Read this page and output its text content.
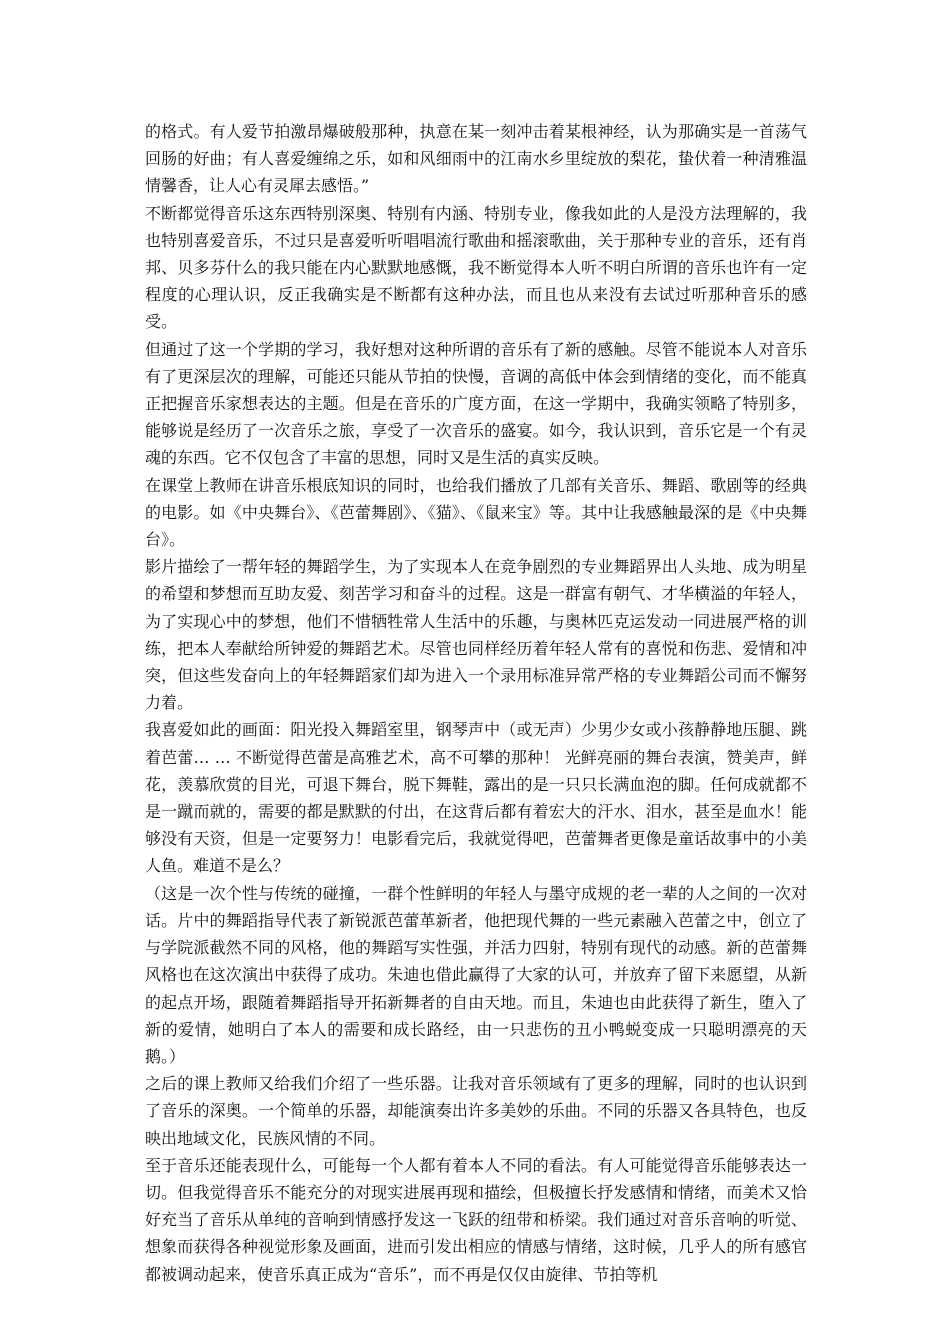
的格式。有人爱节拍激昂爆破般那种，执意在某一刻冲击着某根神经，认为那确实是一首荡气回肠的好曲；有人喜爱缠绵之乐，如和风细雨中的江南水乡里绽放的梨花，蛰伏着一种清雅温情馨香，让人心有灵犀去感悟。”

不断都觉得音乐这东西特别深奥、特别有内涵、特别专业，像我如此的人是没方法理解的，我也特别喜爱音乐，不过只是喜爱听听唱唱流行歌曲和摇滚歌曲，关于那种专业的音乐，还有肖邦、贝多芬什么的我只能在内心默默地感慨，我不断觉得本人听不明白所谓的音乐也许有一定程度的心理认识，反正我确实是不断都有这种办法，而且也从来没有去试过听那种音乐的感受。

但通过了这一个学期的学习，我好想对这种所谓的音乐有了新的感触。尽管不能说本人对音乐有了更深层次的理解，可能还只能从节拍的快慢，音调的高低中体会到情绪的变化，而不能真正把握音乐家想表达的主题。但是在音乐的广度方面，在这一学期中，我确实领略了特别多，能够说是经历了一次音乐之旅，享受了一次音乐的盛宴。如今，我认识到，音乐它是一个有灵魂的东西。它不仅包含了丰富的思想，同时又是生活的真实反映。

在课堂上教师在讲音乐根底知识的同时，也给我们播放了几部有关音乐、舞蹈、歌剧等的经典的电影。如《中央舞台》、《芭蕾舞剧》、《猫》、《鼠来宝》等。其中让我感触最深的是《中央舞台》。

影片描绘了一帮年轻的舞蹈学生，为了实现本人在竞争剧烈的专业舞蹈界出人头地、成为明星的希望和梦想而互助友爱、刻苦学习和奋斗的过程。这是一群富有朝气、才华横溢的年轻人，为了实现心中的梦想，他们不惜牺牲常人生活中的乐趣，与奥林匹克运发动一同进展严格的训练，把本人奉献给所钟爱的舞蹈艺术。尽管也同样经历着年轻人常有的喜悦和伤悲、爱情和冲突，但这些发奋向上的年轻舞蹈家们却为进入一个录用标准异常严格的专业舞蹈公司而不懈努力着。

我喜爱如此的画面：阳光投入舞蹈室里，钢琴声中（或无声）少男少女或小孩静静地压腿、跳着芭蕾… … 不断觉得芭蕾是高雅艺术，高不可攀的那种！ 光鲜亮丽的舞台表演，赞美声，鲜花，羡慕欣赏的目光，可退下舞台，脱下舞鞋，露出的是一只只长满血泡的脚。任何成就都不是一蹴而就的，需要的都是默默的付出，在这背后都有着宏大的汗水、泪水，甚至是血水！能够没有天资，但是一定要努力！电影看完后，我就觉得吧，芭蕾舞者更像是童话故事中的小美人鱼。难道不是么？

（这是一次个性与传统的碰撞，一群个性鲜明的年轻人与墨守成规的老一辈的人之间的一次对话。片中的舞蹈指导代表了新锐派芭蕾革新者，他把现代舞的一些元素融入芭蕾之中，创立了与学院派截然不同的风格，他的舞蹈写实性强，并活力四射，特别有现代的动感。新的芭蕾舞风格也在这次演出中获得了成功。朱迪也借此赢得了大家的认可，并放弃了留下来愿望，从新的起点开场，跟随着舞蹈指导开拓新舞者的自由天地。而且，朱迪也由此获得了新生，堕入了新的爱情，她明白了本人的需要和成长路经，由一只悲伤的丑小鸭蜕变成一只聪明漂亮的天鹅。）

之后的课上教师又给我们介绍了一些乐器。让我对音乐领域有了更多的理解，同时的也认识到了音乐的深奥。一个简单的乐器，却能演奏出许多美妙的乐曲。不同的乐器又各具特色，也反映出地域文化，民族风情的不同。

至于音乐还能表现什么，可能每一个人都有着本人不同的看法。有人可能觉得音乐能够表达一切。但我觉得音乐不能充分的对现实进展再现和描绘，但极擅长抒发感情和情绪，而美术又恰好充当了音乐从单纯的音响到情感抒发这一飞跃的纽带和桥梁。我们通过对音乐音响的听觉、想象而获得各种视觉形象及画面，进而引发出相应的情感与情绪，这时候，几乎人的所有感官都被调动起来，使音乐真正成为“音乐”，而不再是仅仅由旋律、节拍等机
